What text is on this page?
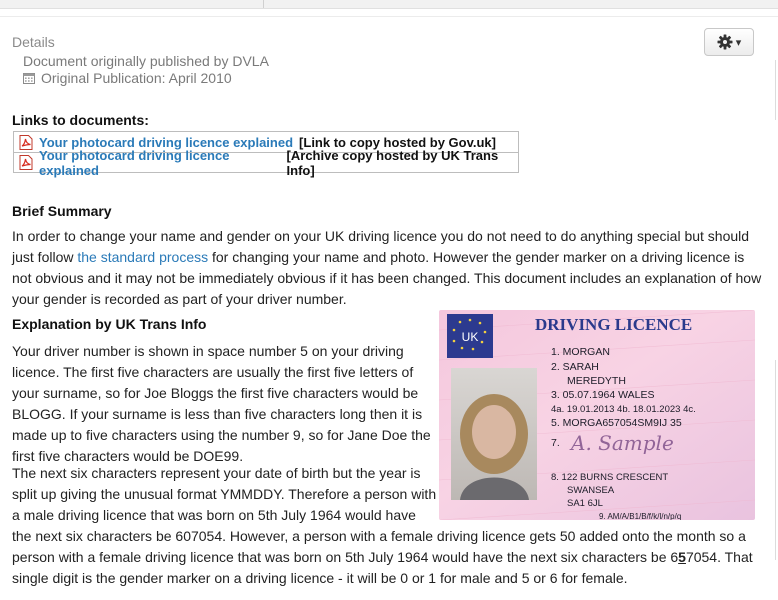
Details
Document originally published by DVLA
Original Publication: April 2010
▾
Links to documents:
Your photocard driving licence explained [Link to copy hosted by Gov.uk]
Your photocard driving licence explained
[Archive copy hosted by UK Trans Info]
Brief Summary

In order to change your name and gender on your UK driving licence you do not need to do anything special but should just follow the standard process for changing your name and photo. However the gender marker on a driving licence is not obvious and it may not be immediately obvious if it has been changed. This document includes an explanation of how your gender is recorded as part of your driver number.

Explanation by UK Trans Info

Your driver number is shown in space number 5 on your driving licence. The first five characters are usually the first five letters of your surname, so for Joe Bloggs the first five characters would be BLOGG. If your surname is less than five characters long then it is made up to five characters using the number 9, so for Jane Doe the first five characters would be DOE99.

The next six characters represent your date of birth but the year is
split up giving the unusual format YMMDDY. Therefore a person with
a male driving licence that was born on 5th July 1964 would have
the next six characters be 607054. However, a person with a female driving licence gets 50 added onto the month so a person with a female driving licence that was born on 5th July 1964 would have the next six characters be 657054. That single digit is the gender marker on a driving licence - it will be 0 or 1 for male and 5 or 6 for female.

UK
DRIVING LICENCE
1. MORGAN
2. SARAH
MEREDYTH
3. 05.07.1964 WALES
4a. 19.01.2013 4b. 18.01.2023 4c.
5. MORGA657054SM9IJ 35
7.
8. 122 BURNS CRESCENT
SWANSEA
SA1 6JL
9. AM/A/B1/B/f/k/l/n/p/q
A. Sample
